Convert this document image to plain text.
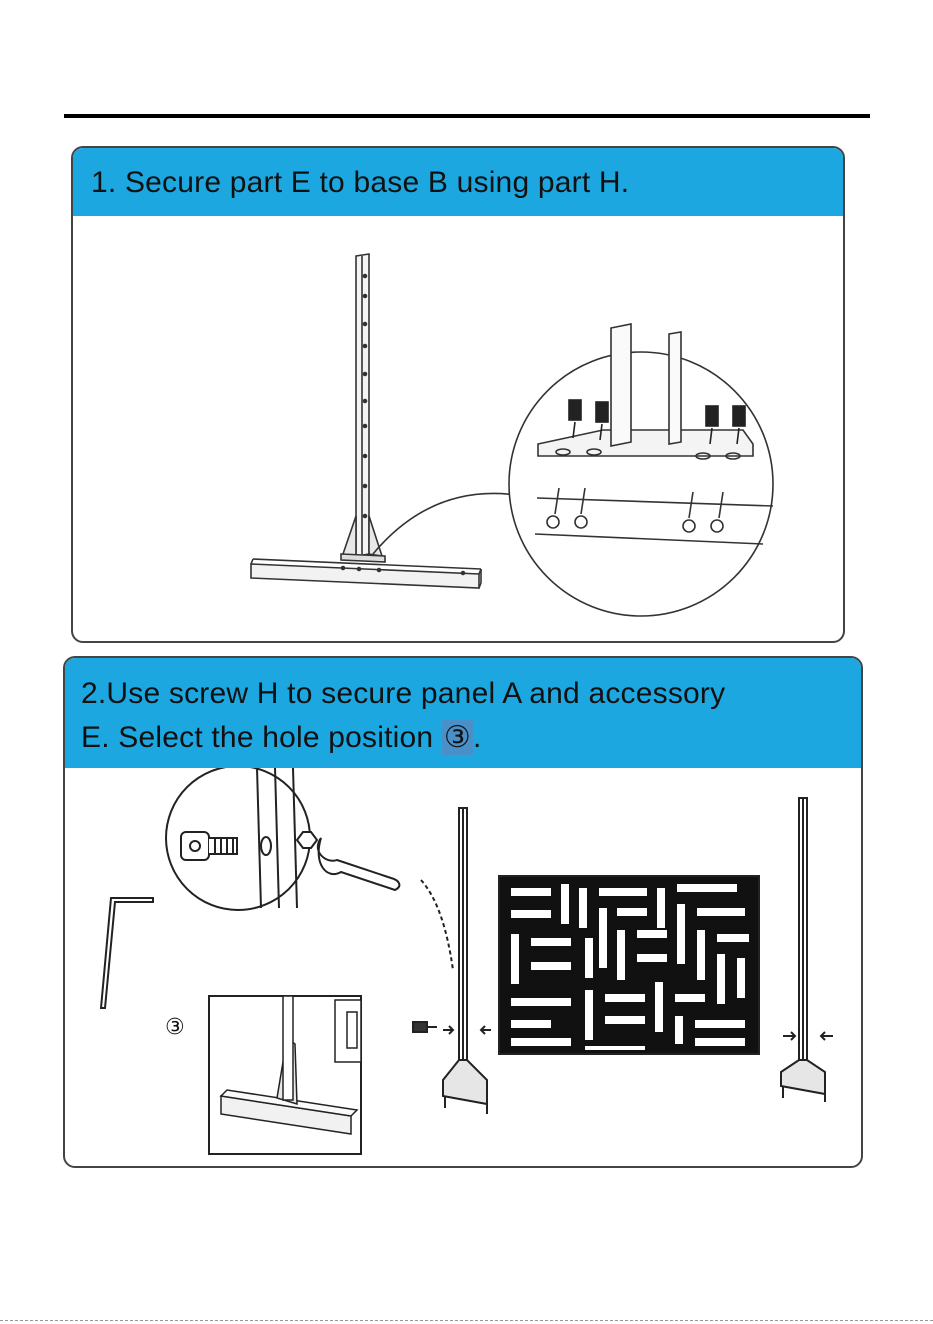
1. Secure part E to base B using part H.
2.Use screw H to secure panel A and accessory
E. Select the hole position ③.
③
